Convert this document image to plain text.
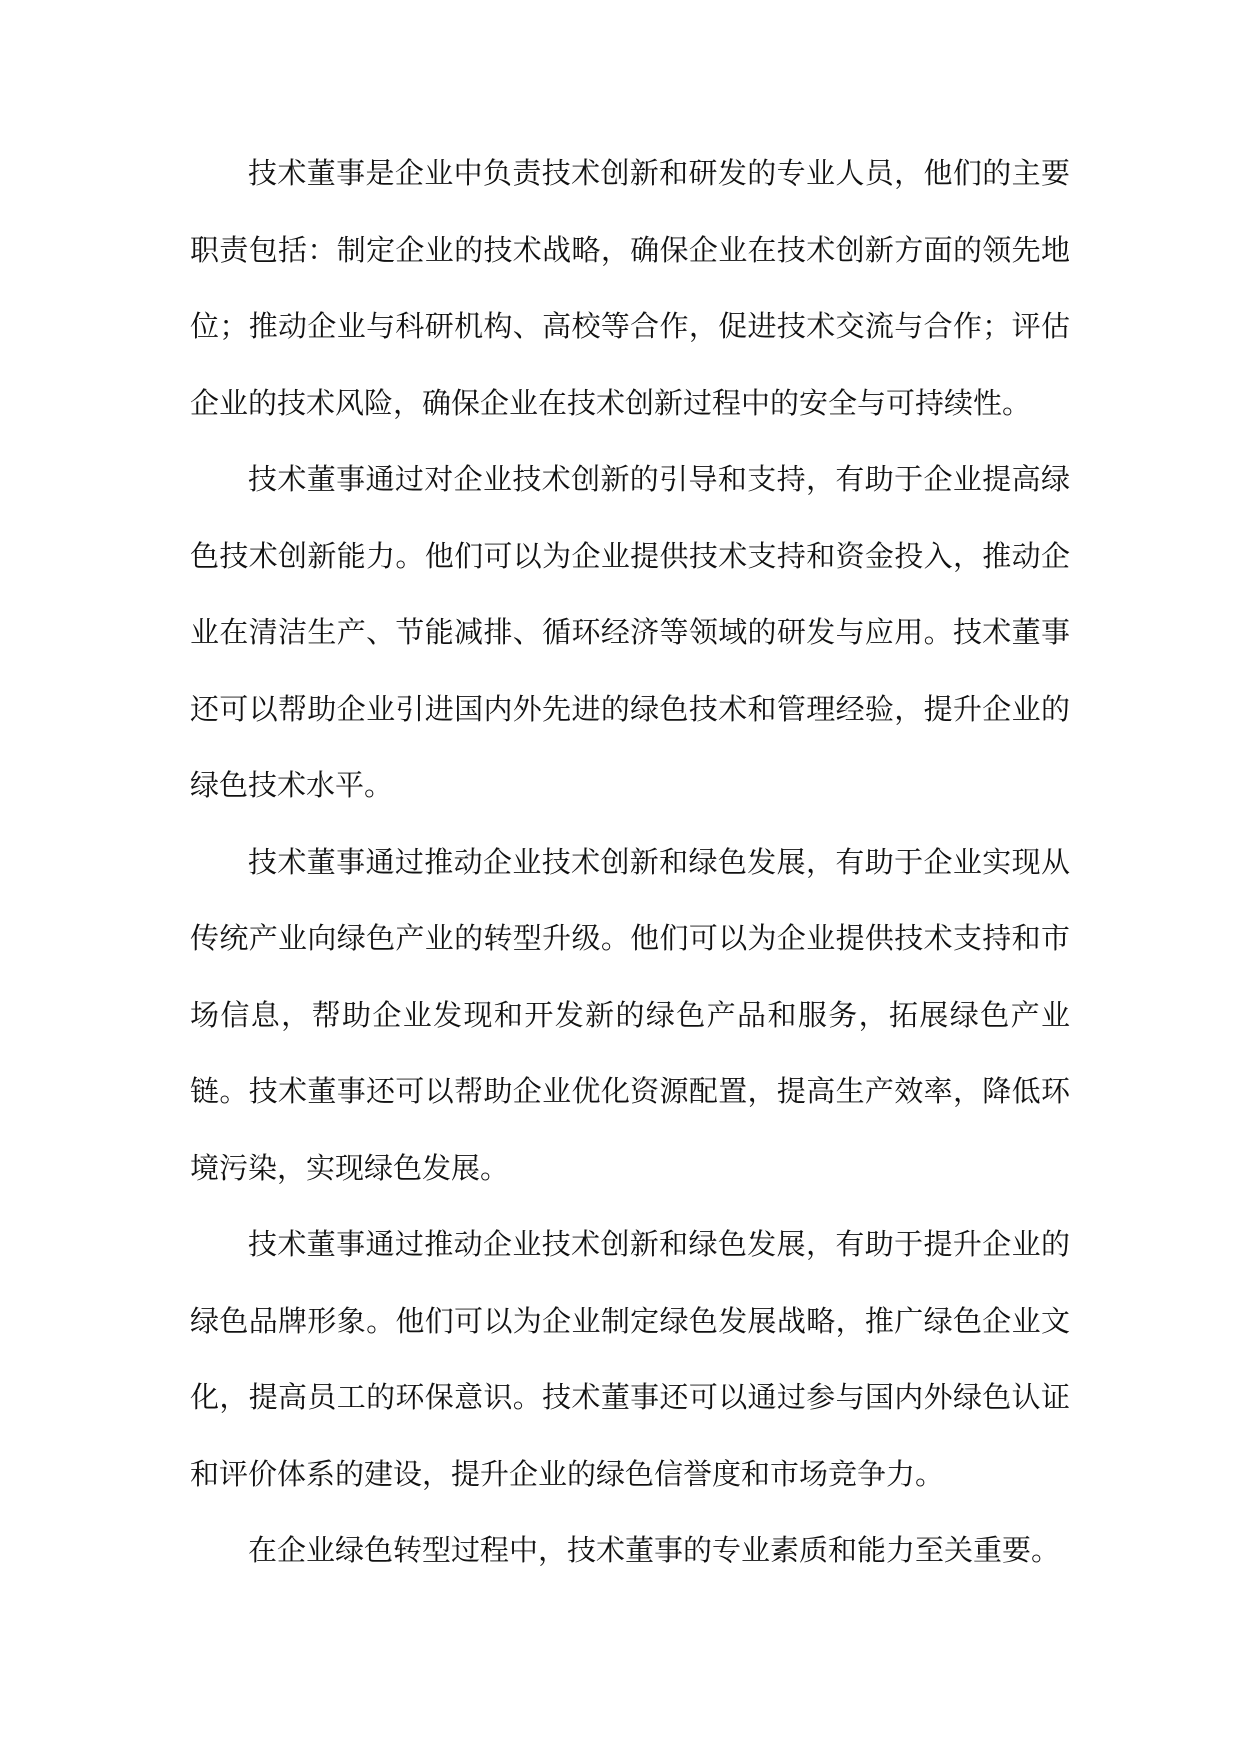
技术董事是企业中负责技术创新和研发的专业人员，他们的主要职责包括：制定企业的技术战略，确保企业在技术创新方面的领先地位；推动企业与科研机构、高校等合作，促进技术交流与合作；评估企业的技术风险，确保企业在技术创新过程中的安全与可持续性。

技术董事通过对企业技术创新的引导和支持，有助于企业提高绿色技术创新能力。他们可以为企业提供技术支持和资金投入，推动企业在清洁生产、节能减排、循环经济等领域的研发与应用。技术董事还可以帮助企业引进国内外先进的绿色技术和管理经验，提升企业的绿色技术水平。

技术董事通过推动企业技术创新和绿色发展，有助于企业实现从传统产业向绿色产业的转型升级。他们可以为企业提供技术支持和市场信息，帮助企业发现和开发新的绿色产品和服务，拓展绿色产业链。技术董事还可以帮助企业优化资源配置，提高生产效率，降低环境污染，实现绿色发展。

技术董事通过推动企业技术创新和绿色发展，有助于提升企业的绿色品牌形象。他们可以为企业制定绿色发展战略，推广绿色企业文化，提高员工的环保意识。技术董事还可以通过参与国内外绿色认证和评价体系的建设，提升企业的绿色信誉度和市场竞争力。

在企业绿色转型过程中，技术董事的专业素质和能力至关重要。
